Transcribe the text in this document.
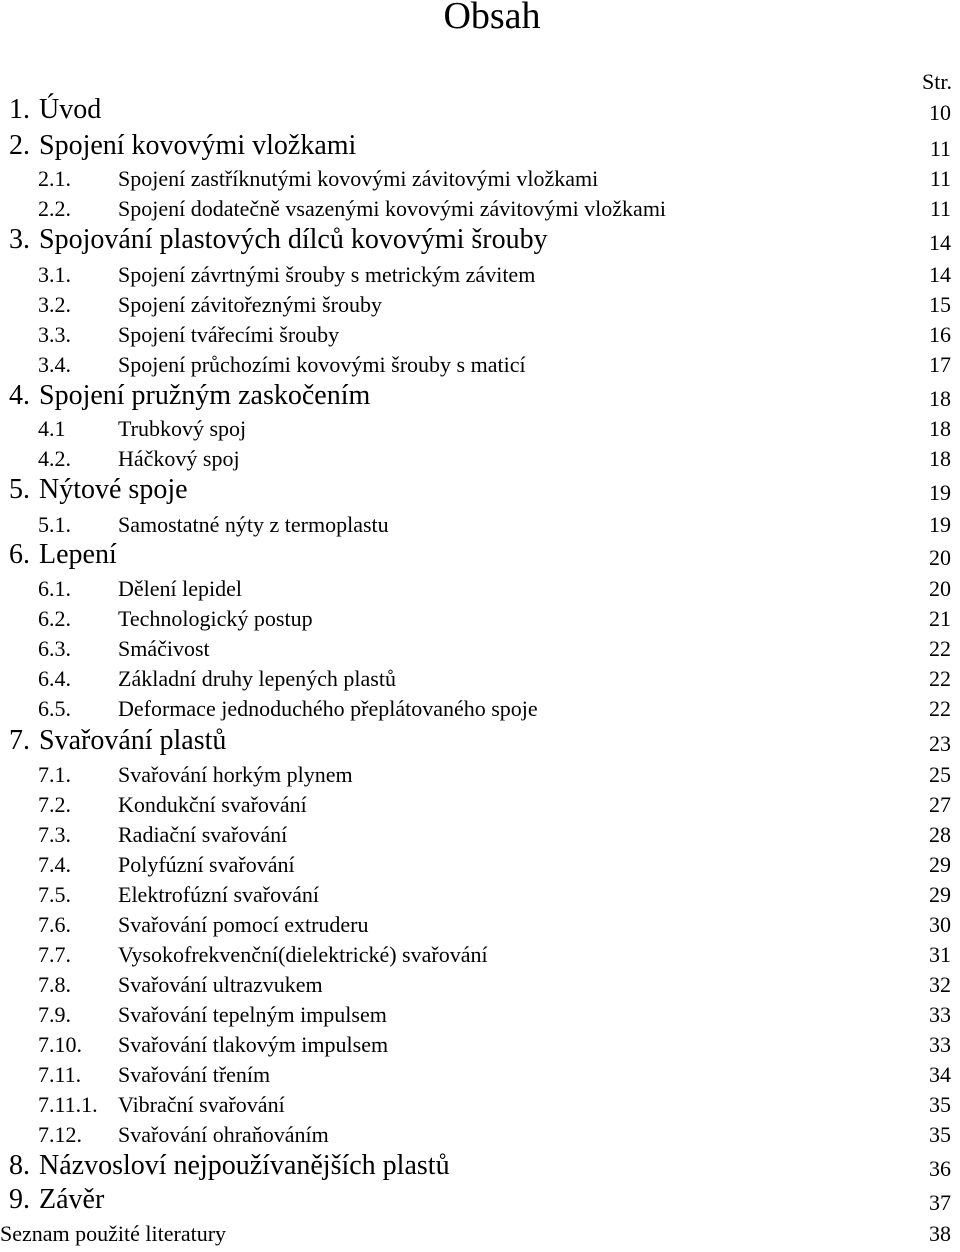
Obsah
Str.
1. Úvod	10
2. Spojení kovovými vložkami	11
2.1. Spojení zastříknutými kovovými závitovými vložkami	11
2.2. Spojení dodatečně vsazenými kovovými závitovými vložkami	11
3. Spojování plastových dílců kovovými šrouby	14
3.1. Spojení závrtnými šrouby s metrickým závitem	14
3.2. Spojení závitořeznými šrouby	15
3.3. Spojení tvářecími šrouby	16
3.4. Spojení průchozími kovovými šrouby s maticí	17
4. Spojení pružným zaskočením	18
4.1 Trubkový spoj	18
4.2. Háčkový spoj	18
5. Nýtové spoje	19
5.1. Samostatné nýty z termoplastu	19
6. Lepení	20
6.1. Dělení lepidel	20
6.2. Technologický postup	21
6.3. Smáčivost	22
6.4. Základní druhy lepených plastů	22
6.5. Deformace jednoduchého přeplátovaného spoje	22
7. Svařování plastů	23
7.1. Svařování horkým plynem	25
7.2. Kondukční svařování	27
7.3. Radiační svařování	28
7.4. Polyfúzní svařování	29
7.5. Elektrofúzní svařování	29
7.6. Svařování pomocí extruderu	30
7.7. Vysokofrekvenční(dielektrické) svařování	31
7.8. Svařování ultrazvukem	32
7.9. Svařování tepelným impulsem	33
7.10. Svařování tlakovým impulsem	33
7.11. Svařování třením	34
7.11.1. Vibrační svařování	35
7.12. Svařování ohraňováním	35
8. Názvosloví nejpoužívanějších plastů	36
9. Závěr	37
Seznam použité literatury	38
